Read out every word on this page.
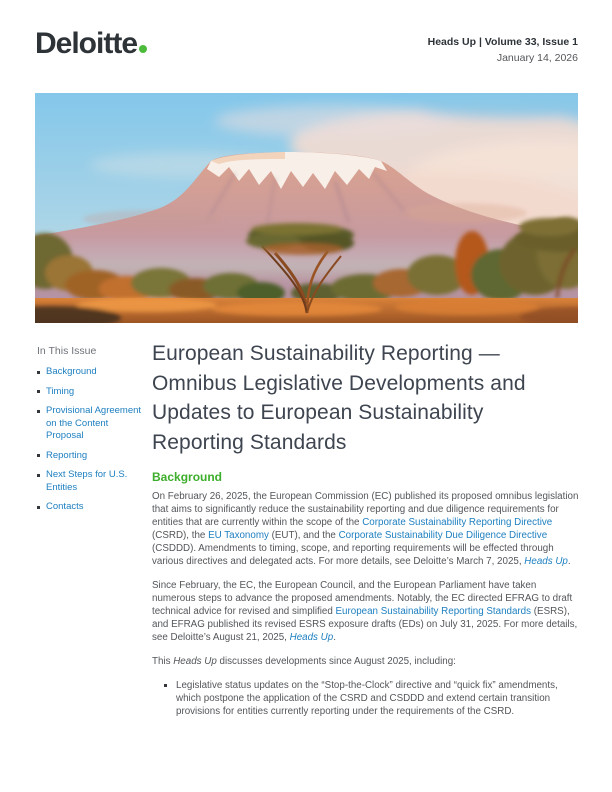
Deloitte	Heads Up | Volume 33, Issue 1
January 14, 2026
In This Issue
Background
Timing
Provisional Agreement on the Content Proposal
Reporting
Next Steps for U.S. Entities
Contacts
European Sustainability Reporting — Omnibus Legislative Developments and Updates to European Sustainability Reporting Standards
Background

On February 26, 2025, the European Commission (EC) published its proposed omnibus legislation that aims to significantly reduce the sustainability reporting and due diligence requirements for entities that are currently within the scope of the Corporate Sustainability Reporting Directive (CSRD), the EU Taxonomy (EUT), and the Corporate Sustainability Due Diligence Directive (CSDDD). Amendments to timing, scope, and reporting requirements will be effected through various directives and delegated acts. For more details, see Deloitte’s March 7, 2025, Heads Up.

Since February, the EC, the European Council, and the European Parliament have taken numerous steps to advance the proposed amendments. Notably, the EC directed EFRAG to draft technical advice for revised and simplified European Sustainability Reporting Standards (ESRS), and EFRAG published its revised ESRS exposure drafts (EDs) on July 31, 2025. For more details, see Deloitte’s August 21, 2025, Heads Up.

This Heads Up discusses developments since August 2025, including:

Legislative status updates on the “Stop-the-Clock” directive and “quick fix” amendments, which postpone the application of the CSRD and CSDDD and extend certain transition provisions for entities currently reporting under the requirements of the CSRD.
